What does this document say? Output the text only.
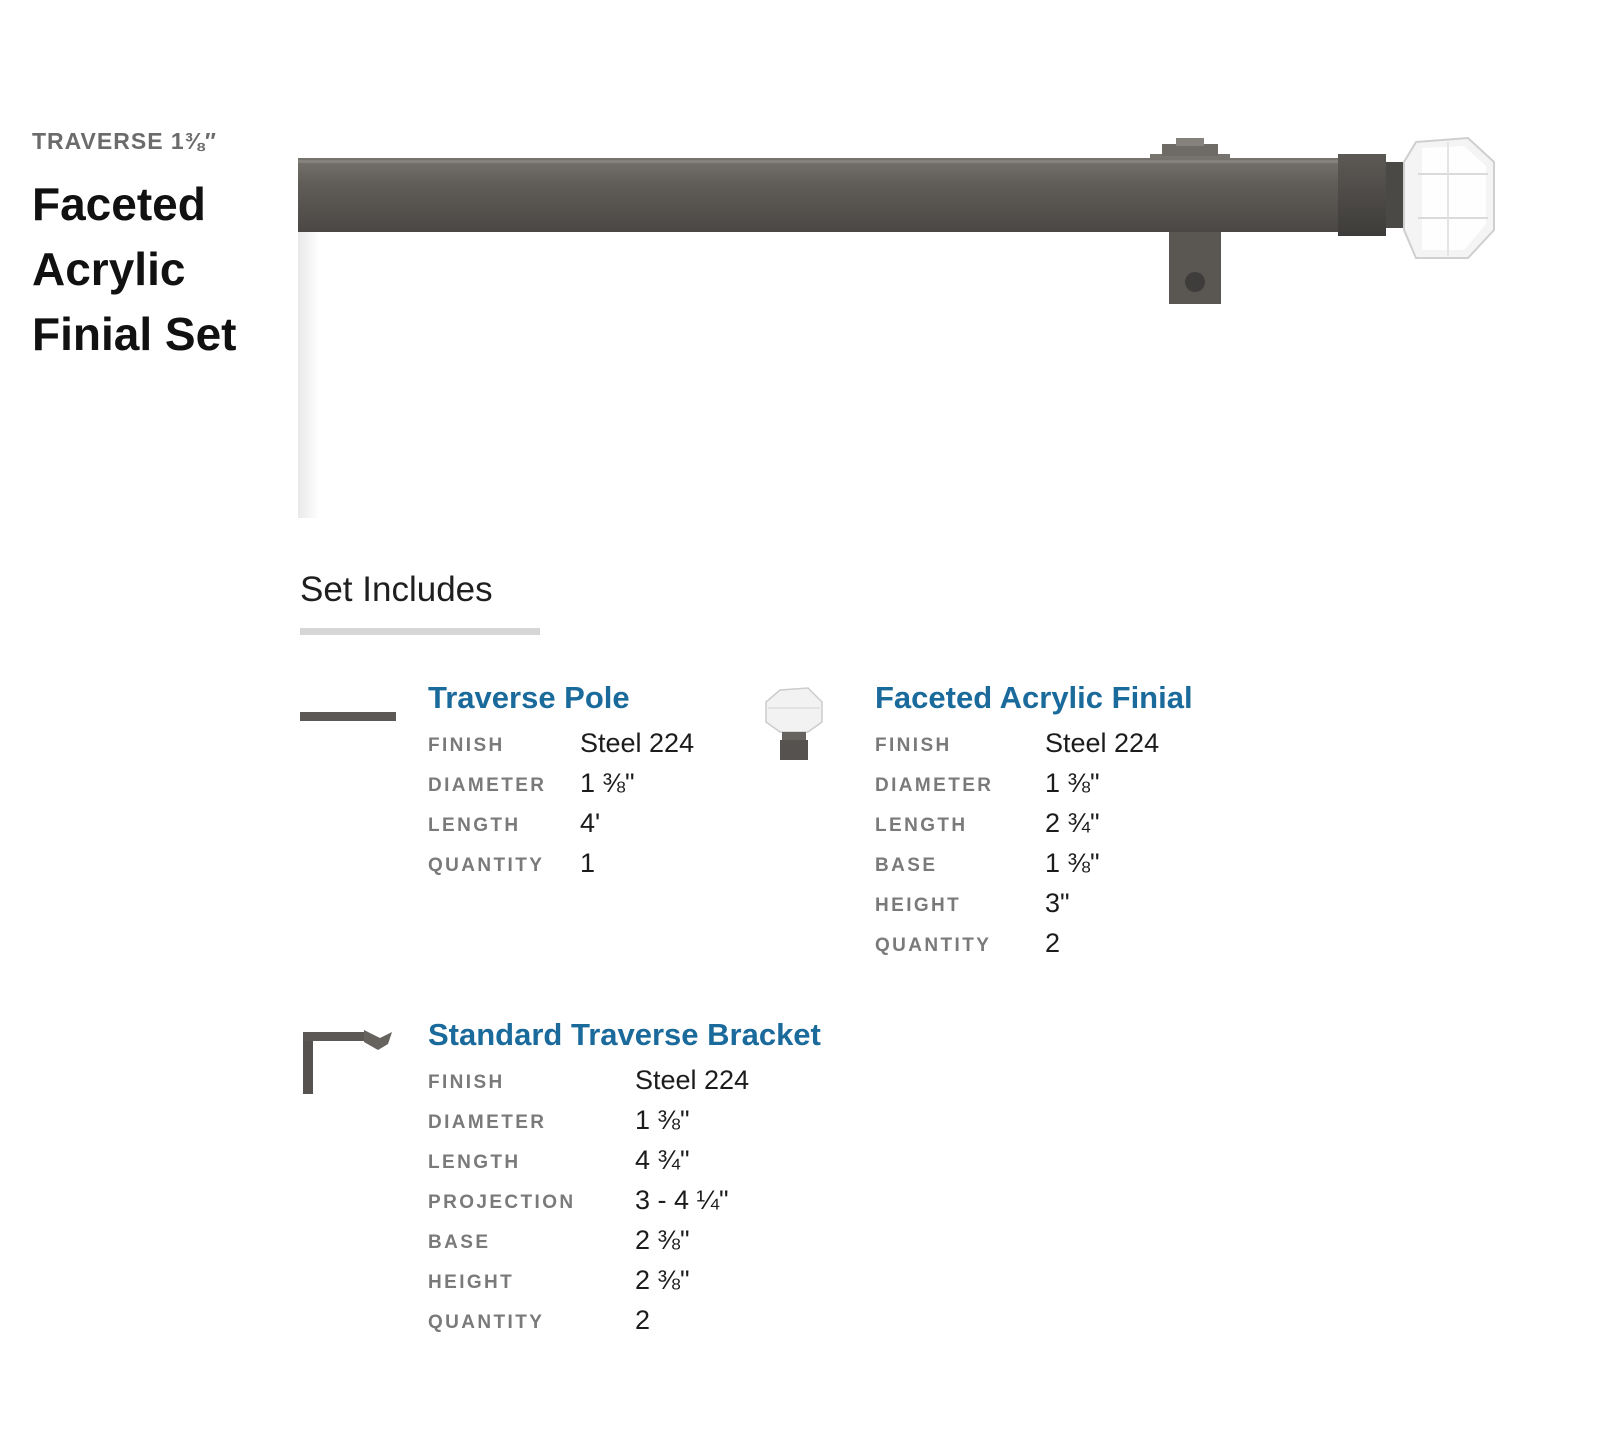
TRAVERSE 1⅜″
Faceted
Acrylic
Finial Set
Set Includes
Traverse Pole
FINISH	Steel 224
DIAMETER 1 ⅜"
LENGTH 4'
QUANTITY 1
Faceted Acrylic Finial
FINISH	Steel 224
DIAMETER 1 ⅜"
LENGTH	2 ¾"
BASE	1 ⅜"
HEIGHT	3"
QUANTITY 2
Standard Traverse Bracket
FINISH	Steel 224
DIAMETER	1 ⅜"
LENGTH	4 ¾"
PROJECTION 3 - 4 ¼"
BASE	2 ⅜"
HEIGHT	2 ⅜"
QUANTITY	2
